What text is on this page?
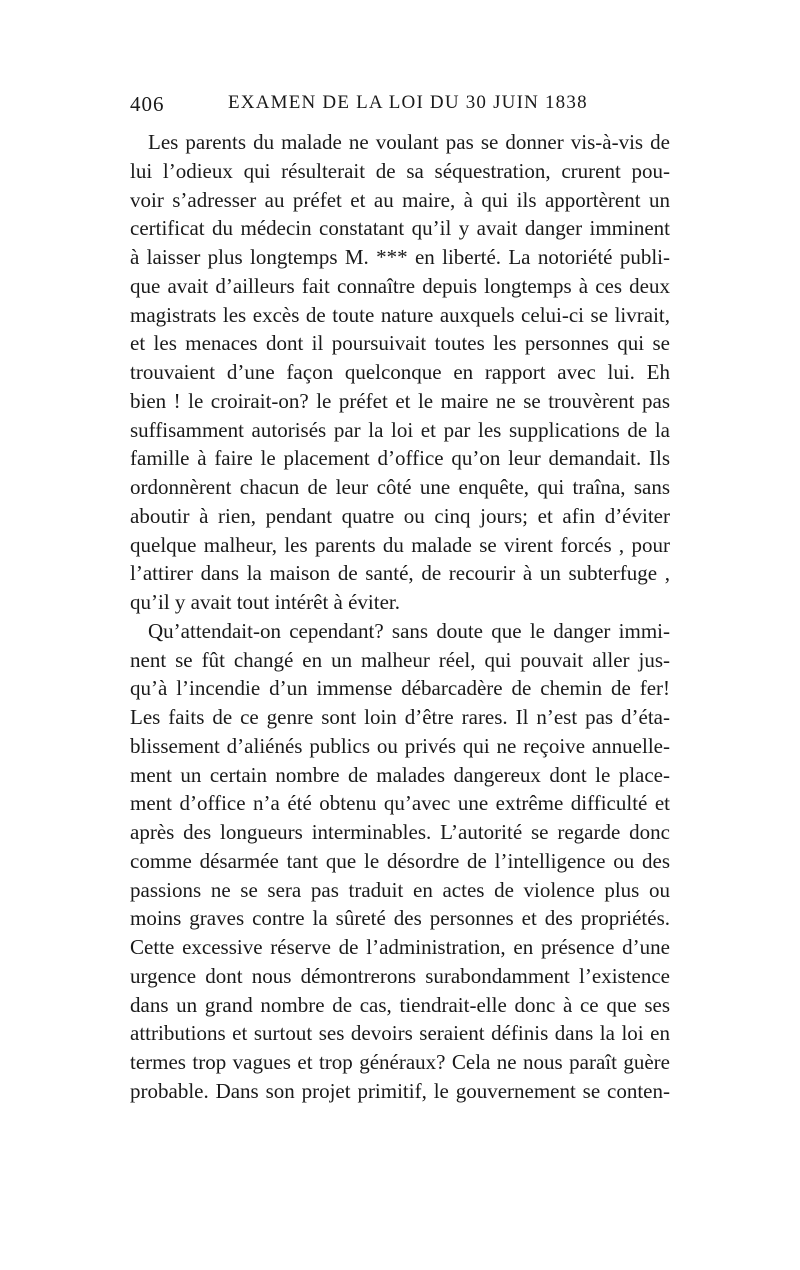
406	EXAMEN DE LA LOI DU 30 JUIN 1838
Les parents du malade ne voulant pas se donner vis-à-vis de
lui l’odieux qui résulterait de sa séquestration, crurent pou-
voir s’adresser au préfet et au maire, à qui ils apportèrent un
certificat du médecin constatant qu’il y avait danger imminent
à laisser plus longtemps M. *** en liberté. La notoriété publi-
que avait d’ailleurs fait connaître depuis longtemps à ces deux
magistrats les excès de toute nature auxquels celui-ci se livrait,
et les menaces dont il poursuivait toutes les personnes qui se
trouvaient d’une façon quelconque en rapport avec lui. Eh
bien ! le croirait-on? le préfet et le maire ne se trouvèrent pas
suffisamment autorisés par la loi et par les supplications de la
famille à faire le placement d’office qu’on leur demandait. Ils
ordonnèrent chacun de leur côté une enquête, qui traîna, sans
aboutir à rien, pendant quatre ou cinq jours; et afin d’éviter
quelque malheur, les parents du malade se virent forcés , pour
l’attirer dans la maison de santé, de recourir à un subterfuge ,
qu’il y avait tout intérêt à éviter.
Qu’attendait-on cependant? sans doute que le danger immi-
nent se fût changé en un malheur réel, qui pouvait aller jus-
qu’à l’incendie d’un immense débarcadère de chemin de fer!
Les faits de ce genre sont loin d’être rares. Il n’est pas d’éta-
blissement d’aliénés publics ou privés qui ne reçoive annuelle-
ment un certain nombre de malades dangereux dont le place-
ment d’office n’a été obtenu qu’avec une extrême difficulté et
après des longueurs interminables. L’autorité se regarde donc
comme désarmée tant que le désordre de l’intelligence ou des
passions ne se sera pas traduit en actes de violence plus ou
moins graves contre la sûreté des personnes et des propriétés.
Cette excessive réserve de l’administration, en présence d’une
urgence dont nous démontrerons surabondamment l’existence
dans un grand nombre de cas, tiendrait-elle donc à ce que ses
attributions et surtout ses devoirs seraient définis dans la loi en
termes trop vagues et trop généraux? Cela ne nous paraît guère
probable. Dans son projet primitif, le gouvernement se conten-
